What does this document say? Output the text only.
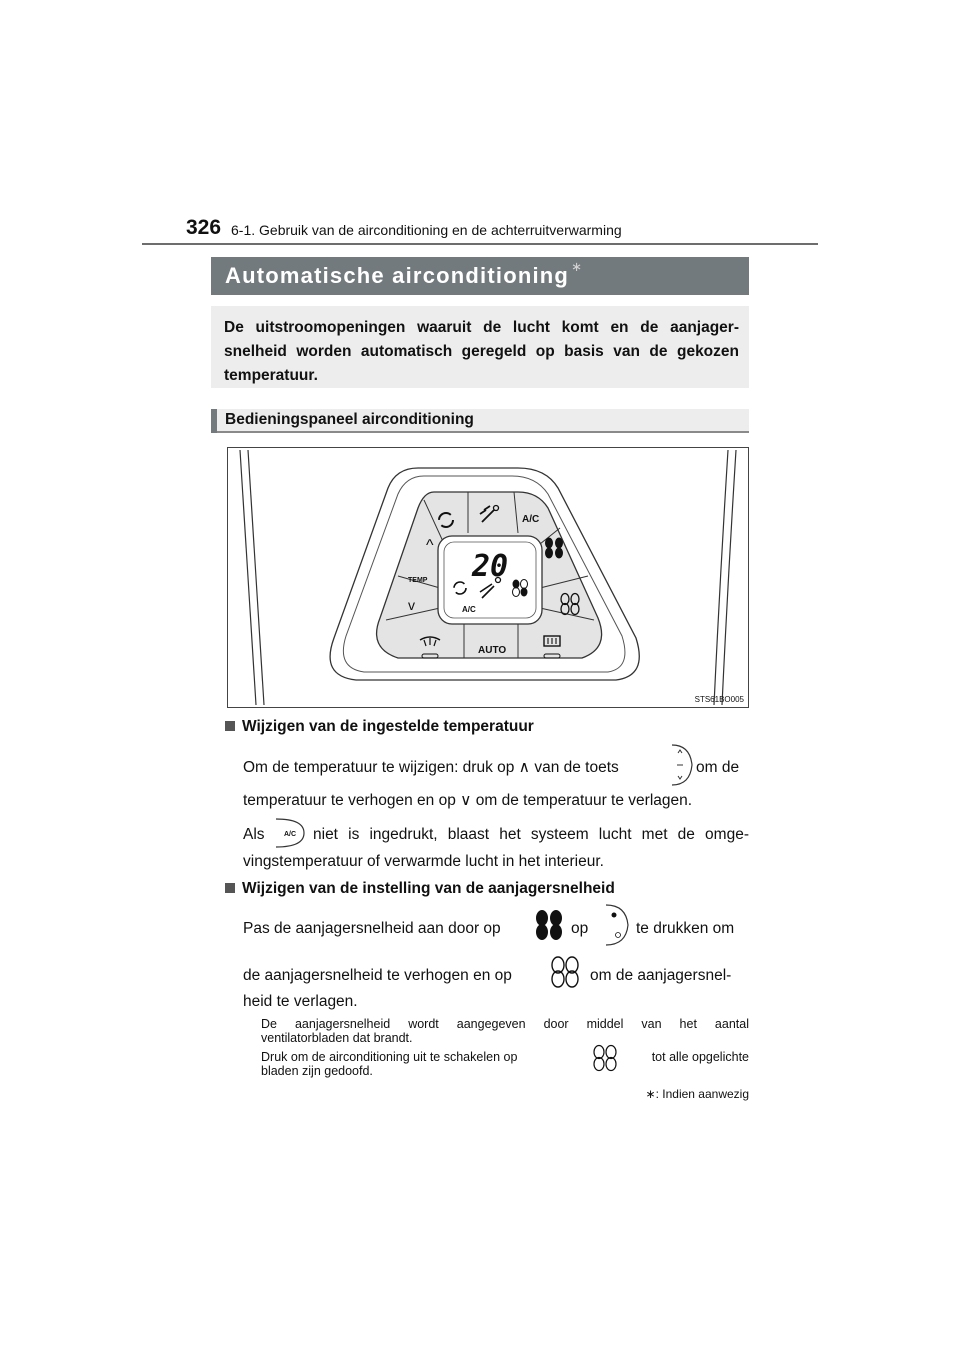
326 6-1. Gebruik van de airconditioning en de achterruitverwarming
Automatische airconditioning ∗
De uitstroomopeningen waaruit de lucht komt en de aanjager-
snelheid worden automatisch geregeld op basis van de gekozen
temperatuur.
Bedieningspaneel airconditioning
20
A/C
A/C
^
TEMP
v
AUTO
STS61BO005
Wijzigen van de ingestelde temperatuur
Om de temperatuur te wijzigen: druk op ∧ van de toets	om de
temperatuur te verhogen en op ∨ om de temperatuur te verlagen.
Als	A/C niet is ingedrukt, blaast het systeem lucht met de omge-
vingstemperatuur of verwarmde lucht in het interieur.
Wijzigen van de instelling van de aanjagersnelheid
Pas de aanjagersnelheid aan door op	op	te drukken om
de aanjagersnelheid te verhogen en op	om de aanjagersnel-
heid te verlagen.
De aanjagersnelheid wordt aangegeven door middel van het aantal
ventilatorbladen dat brandt.
Druk om de airconditioning uit te schakelen op	tot alle opgelichte
bladen zijn gedoofd.
∗: Indien aanwezig
